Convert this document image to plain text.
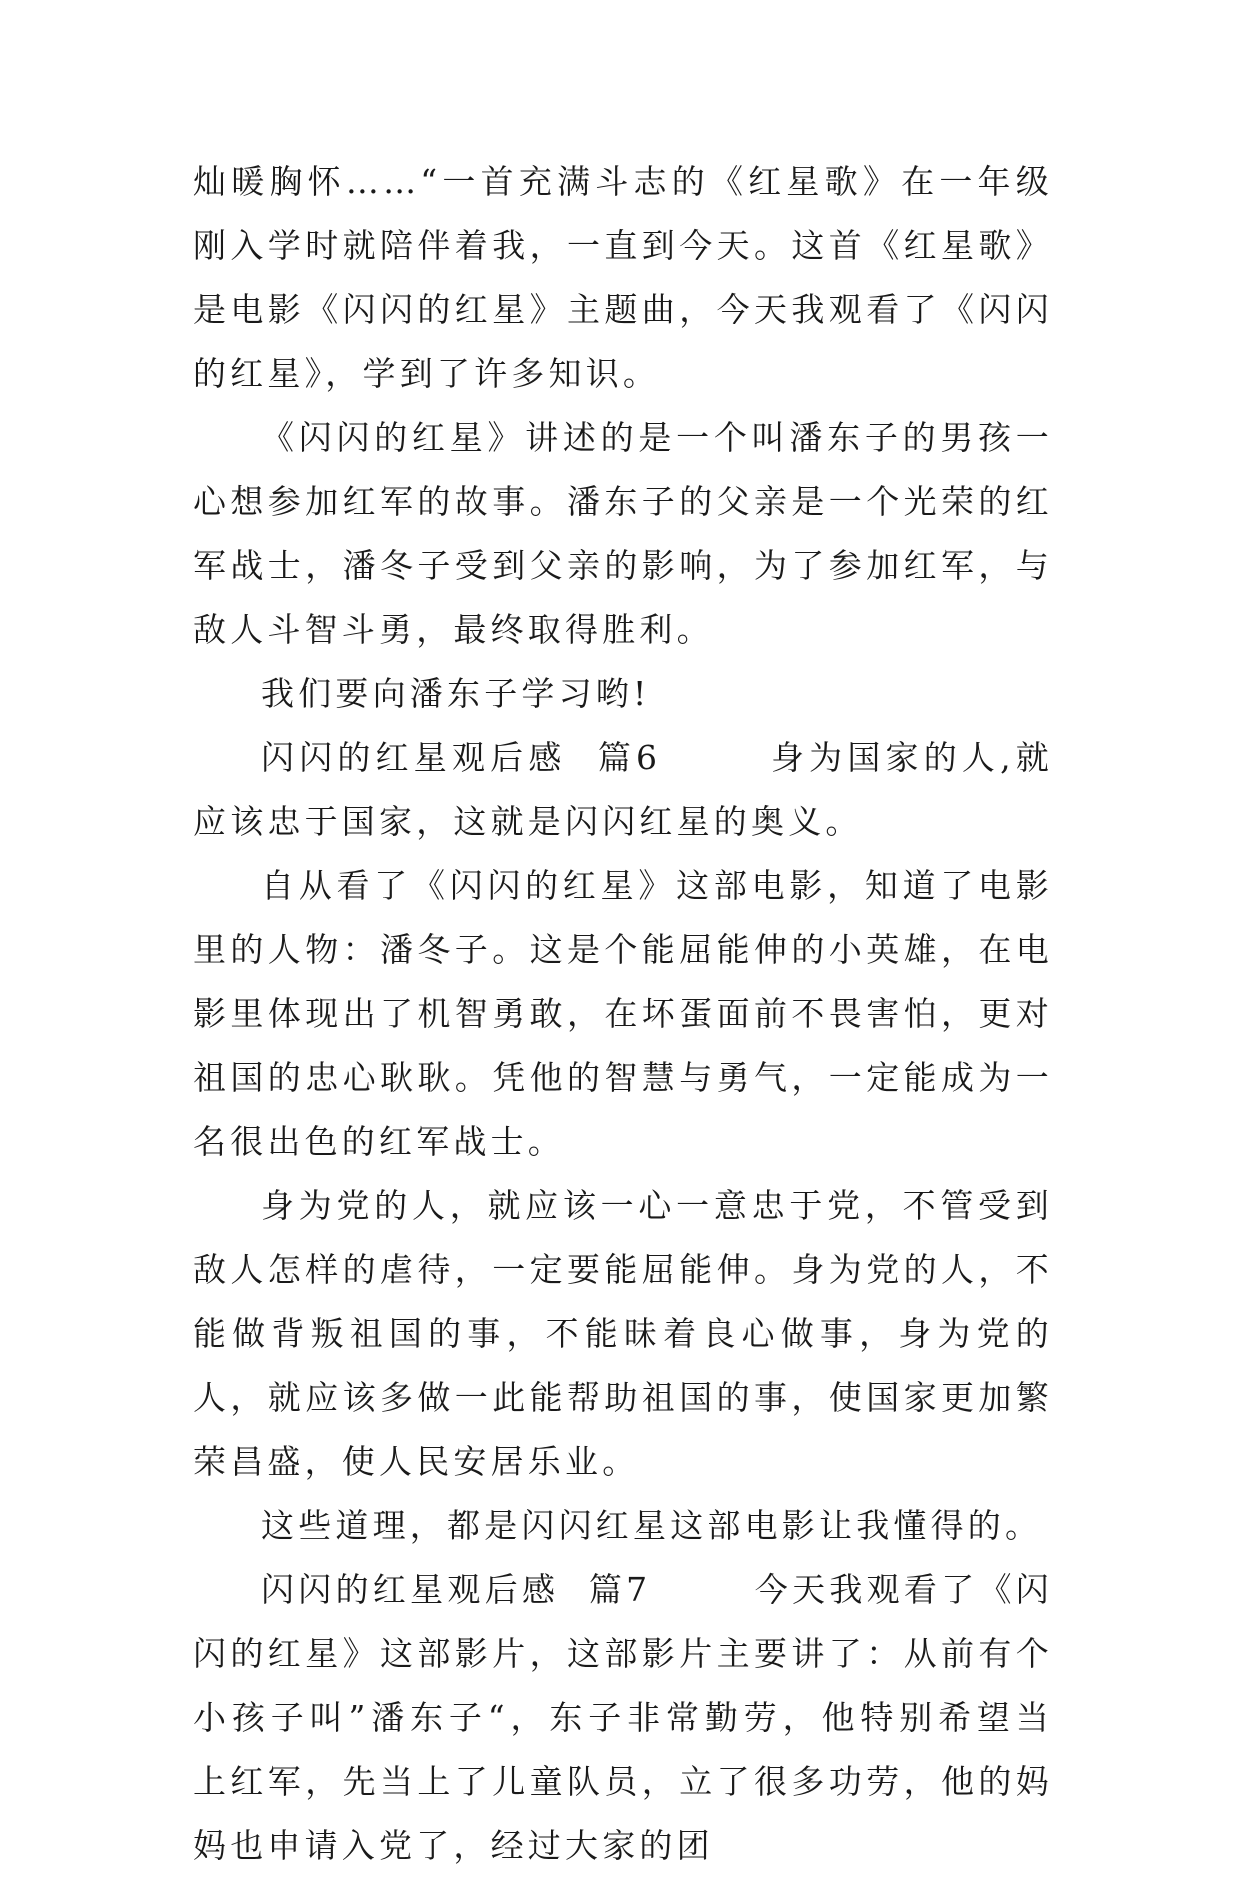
灿暖胸怀……“一首充满斗志的《红星歌》在一年级刚入学时就陪伴着我，一直到今天。这首《红星歌》是电影《闪闪的红星》主题曲，今天我观看了《闪闪的红星》，学到了许多知识。

《闪闪的红星》讲述的是一个叫潘东子的男孩一心想参加红军的故事。潘东子的父亲是一个光荣的红军战士，潘冬子受到父亲的影响，为了参加红军，与敌人斗智斗勇，最终取得胜利。

我们要向潘东子学习哟!

闪闪的红星观后感  篇6       身为国家的人,就应该忠于国家，这就是闪闪红星的奥义。

自从看了《闪闪的红星》这部电影，知道了电影里的人物：潘冬子。这是个能屈能伸的小英雄，在电影里体现出了机智勇敢，在坏蛋面前不畏害怕，更对祖国的忠心耿耿。凭他的智慧与勇气，一定能成为一名很出色的红军战士。

身为党的人，就应该一心一意忠于党，不管受到敌人怎样的虐待，一定要能屈能伸。身为党的人，不能做背叛祖国的事，不能昧着良心做事，身为党的人，就应该多做一此能帮助祖国的事，使国家更加繁荣昌盛，使人民安居乐业。

这些道理，都是闪闪红星这部电影让我懂得的。

闪闪的红星观后感  篇7       今天我观看了《闪闪的红星》这部影片，这部影片主要讲了：从前有个小孩子叫”潘东子“，东子非常勤劳，他特别希望当上红军，先当上了儿童队员，立了很多功劳，他的妈妈也申请入党了，经过大家的团
